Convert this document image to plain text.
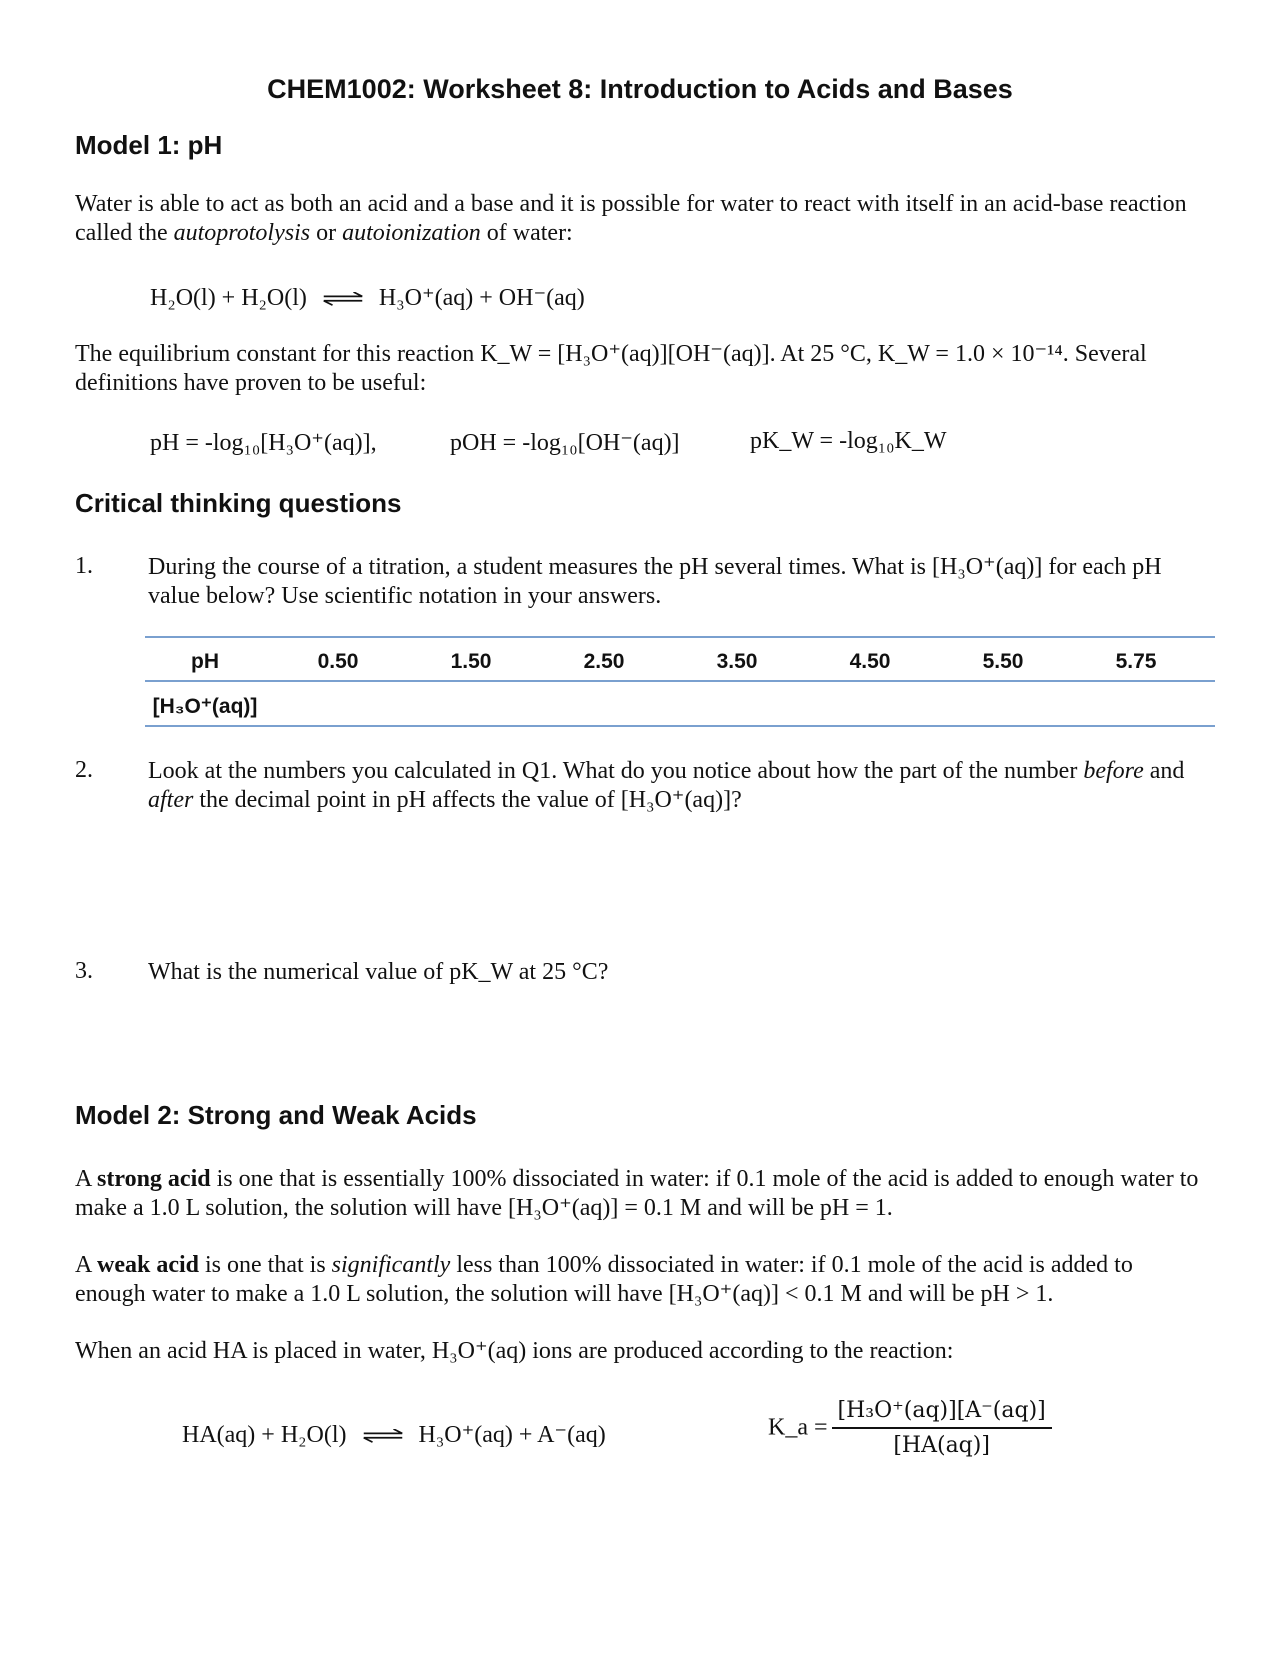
CHEM1002: Worksheet 8: Introduction to Acids and Bases
Model 1: pH
Water is able to act as both an acid and a base and it is possible for water to react with itself in an acid-base reaction called the autoprotolysis or autoionization of water:
H₂O(l) + H₂O(l)	H₃O⁺(aq) + OH⁻(aq)
The equilibrium constant for this reaction K_W = [H₃O⁺(aq)][OH⁻(aq)]. At 25 °C, K_W = 1.0 × 10⁻¹⁴. Several definitions have proven to be useful:
pH = -log₁₀[H₃O⁺(aq)],	pOH = -log₁₀[OH⁻(aq)]	pK_W = -log₁₀K_W
Critical thinking questions
1. During the course of a titration, a student measures the pH several times. What is [H₃O⁺(aq)] for each pH value below? Use scientific notation in your answers.
pH	0.50	1.50	2.50	3.50	4.50	5.50	5.75
[H₃O⁺(aq)]
2. Look at the numbers you calculated in Q1. What do you notice about how the part of the number before and after the decimal point in pH affects the value of [H₃O⁺(aq)]?
3. What is the numerical value of pK_W at 25 °C?
Model 2: Strong and Weak Acids
A strong acid is one that is essentially 100% dissociated in water: if 0.1 mole of the acid is added to enough water to make a 1.0 L solution, the solution will have [H₃O⁺(aq)] = 0.1 M and will be pH = 1.
A weak acid is one that is significantly less than 100% dissociated in water: if 0.1 mole of the acid is added to enough water to make a 1.0 L solution, the solution will have [H₃O⁺(aq)] < 0.1 M and will be pH > 1.
When an acid HA is placed in water, H₃O⁺(aq) ions are produced according to the reaction:
HA(aq) + H₂O(l)	H₃O⁺(aq) + A⁻(aq)	K_a = $\frac{\text{[H₃O⁺(aq)][A⁻(aq)]}}{[HA(aq)]}$
